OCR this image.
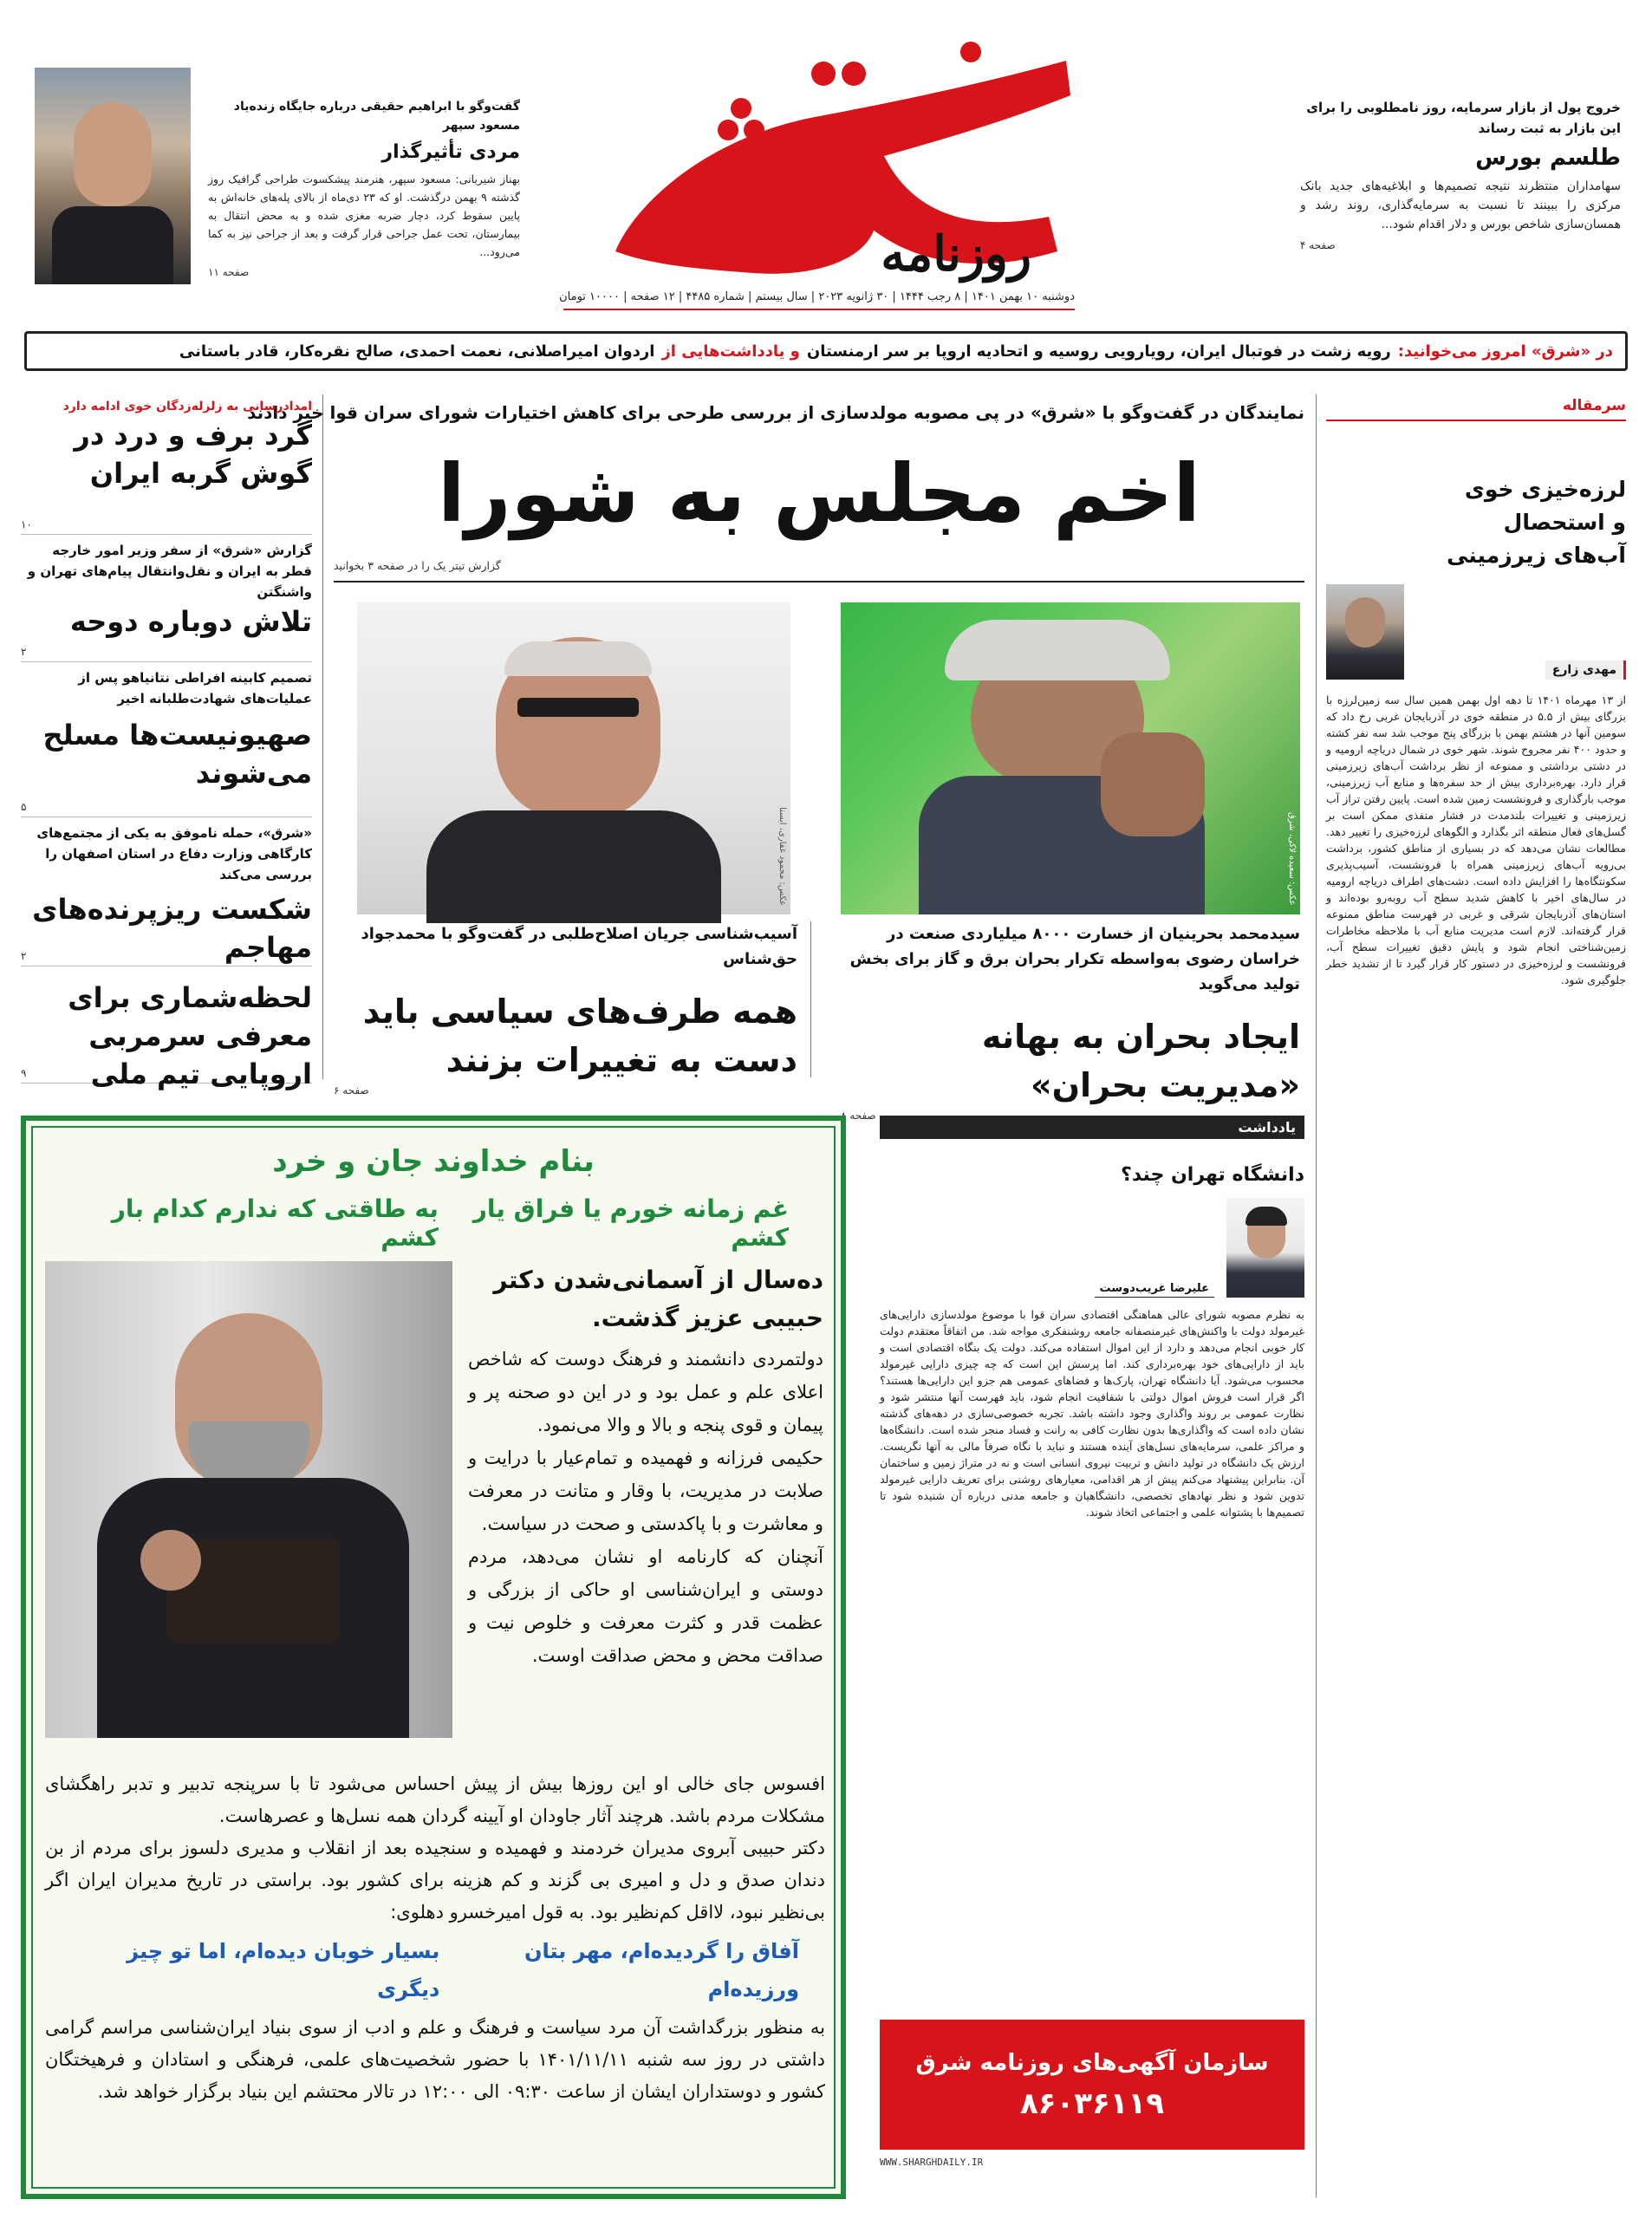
روزنامه
دوشنبه ۱۰ بهمن ۱۴۰۱ | ۸ رجب ۱۴۴۴ | ۳۰ ژانویه ۲۰۲۳ | سال بیستم | شماره ۴۴۸۵ | ۱۲ صفحه | ۱۰۰۰۰ تومان
خروج پول از بازار سرمایه، روز نامطلوبی را برای این بازار به ثبت رساند
طلسم بورس
سهامداران منتظرند نتیجه تصمیم‌ها و ابلاغیه‌های جدید بانک مرکزی را ببینند تا نسبت به سرمایه‌گذاری، روند رشد و همسان‌سازی شاخص بورس و دلار اقدام شود...
صفحه ۴
گفت‌وگو با ابراهیم حقیقی درباره جایگاه زنده‌یاد مسعود سپهر
مردی تأثیرگذار
بهناز شیربانی: مسعود سپهر، هنرمند پیشکسوت طراحی گرافیک روز گذشته ۹ بهمن درگذشت. او که ۲۳ دی‌ماه از بالای پله‌های خانه‌اش به پایین سقوط کرد، دچار ضربه مغزی شده و به محض انتقال به بیمارستان، تحت عمل جراحی قرار گرفت و بعد از جراحی نیز به کما می‌رود...
صفحه ۱۱
در «شرق» امروز می‌خوانید:
رویه زشت در فوتبال ایران، رویارویی روسیه و اتحادیه اروپا بر سر ارمنستان
و یادداشت‌هایی از
اردوان امیراصلانی، نعمت احمدی، صالح نقره‌کار، قادر باستانی
سرمقاله
لرزه‌خیزی خوی و استحصال آب‌های زیرزمینی
مهدی زارع
از ۱۳ مهرماه ۱۴۰۱ تا دهه اول بهمن همین سال سه زمین‌لرزه با بزرگای بیش از ۵.۵ در منطقه خوی در آذربایجان غربی رخ داد که سومین آنها در هشتم بهمن با بزرگای پنج موجب شد سه نفر کشته و حدود ۴۰۰ نفر مجروح شوند. شهر خوی در شمال دریاچه ارومیه و در دشتی برداشتی و ممنوعه از نظر برداشت آب‌های زیرزمینی قرار دارد. بهره‌برداری بیش از حد سفره‌ها و منابع آب زیرزمینی، موجب بارگذاری و فرونشست زمین شده است. پایین رفتن تراز آب زیرزمینی و تغییرات بلندمدت در فشار منفذی ممکن است بر گسل‌های فعال منطقه اثر بگذارد و الگوهای لرزه‌خیزی را تغییر دهد. مطالعات نشان می‌دهد که در بسیاری از مناطق کشور، برداشت بی‌رویه آب‌های زیرزمینی همراه با فرونشست، آسیب‌پذیری سکونتگاه‌ها را افزایش داده است. دشت‌های اطراف دریاچه ارومیه در سال‌های اخیر با کاهش شدید سطح آب روبه‌رو بوده‌اند و استان‌های آذربایجان شرقی و غربی در فهرست مناطق ممنوعه قرار گرفته‌اند. لازم است مدیریت منابع آب با ملاحظه مخاطرات زمین‌شناختی انجام شود و پایش دقیق تغییرات سطح آب، فرونشست و لرزه‌خیزی در دستور کار قرار گیرد تا از تشدید خطر جلوگیری شود.
نمایندگان در گفت‌وگو با «شرق» در پی مصوبه مولدسازی از بررسی طرحی برای کاهش اختیارات شورای سران قوا خبر دادند
اخم مجلس به شورا
گزارش تیتر یک را در صفحه ۳ بخوانید
عکس: سعیده لاکی، شرق
عکس: محمود غفاری، ایسنا
سیدمحمد بحرینیان از خسارت ۸۰۰۰ میلیاردی صنعت در خراسان رضوی به‌واسطه تکرار بحران برق و گاز برای بخش تولید می‌گوید
ایجاد بحران به بهانه «مدیریت بحران»
صفحه
آسیب‌شناسی جریان اصلاح‌طلبی در گفت‌وگو با محمدجواد حق‌شناس
همه طرف‌های سیاسی باید دست به تغییرات بزنند
صفحه ۶
امدادرسانی به زلزله‌زدگان خوی ادامه دارد
گرد برف و درد در گوش گربه ایران
۱۰
گزارش «شرق» از سفر وزیر امور خارجه قطر به ایران و نقل‌وانتقال پیام‌های تهران و واشنگتن
تلاش دوباره دوحه
۲
تصمیم کابینه افراطی نتانیاهو پس از عملیات‌های شهادت‌طلبانه اخیر
صهیونیست‌ها مسلح می‌شوند
۵
«شرق»، حمله ناموفق به یکی از مجتمع‌های کارگاهی وزارت دفاع در استان اصفهان را بررسی می‌کند
شکست ریزپرنده‌های مهاجم
۲
لحظه‌شماری برای معرفی سرمربی اروپایی تیم ملی
۹
یادداشت
دانشگاه تهران چند؟
علیرضا غریب‌دوست
به نظرم مصوبه شورای عالی هماهنگی اقتصادی سران قوا با موضوع مولدسازی دارایی‌های غیرمولد دولت با واکنش‌های غیرمنصفانه جامعه روشنفکری مواجه شد. من اتفاقاً معتقدم دولت کار خوبی انجام می‌دهد و دارد از این اموال استفاده می‌کند. دولت یک بنگاه اقتصادی است و باید از دارایی‌های خود بهره‌برداری کند. اما پرسش این است که چه چیزی دارایی غیرمولد محسوب می‌شود. آیا دانشگاه تهران، پارک‌ها و فضاهای عمومی هم جزو این دارایی‌ها هستند؟ اگر قرار است فروش اموال دولتی با شفافیت انجام شود، باید فهرست آنها منتشر شود و نظارت عمومی بر روند واگذاری وجود داشته باشد. تجربه خصوصی‌سازی در دهه‌های گذشته نشان داده است که واگذاری‌ها بدون نظارت کافی به رانت و فساد منجر شده است. دانشگاه‌ها و مراکز علمی، سرمایه‌های نسل‌های آینده هستند و نباید با نگاه صرفاً مالی به آنها نگریست. ارزش یک دانشگاه در تولید دانش و تربیت نیروی انسانی است و نه در متراژ زمین و ساختمان آن. بنابراین پیشنهاد می‌کنم پیش از هر اقدامی، معیارهای روشنی برای تعریف دارایی غیرمولد تدوین شود و نظر نهادهای تخصصی، دانشگاهیان و جامعه مدنی درباره آن شنیده شود تا تصمیم‌ها با پشتوانه علمی و اجتماعی اتخاذ شوند.
سازمان آگهی‌های روزنامه شرق
۸۶۰۳۶۱۱۹
WWW.SHARGHDAILY.IR
بنام خداوند جان و خرد
غم زمانه خورم یا فراق یار کشم
به طاقتی که ندارم کدام بار کشم
ده‌سال از آسمانی‌شدن دکتر حبیبی عزیز گذشت.
دولتمردی دانشمند و فرهنگ دوست که شاخص اعلای علم و عمل بود و در این دو صحنه پر و پیمان و قوی پنجه و بالا و والا می‌نمود.
حکیمی فرزانه و فهمیده و تمام‌عیار با درایت و صلابت در مدیریت، با وقار و متانت در معرفت و معاشرت و با پاکدستی و صحت در سیاست.
آنچنان که کارنامه او نشان می‌دهد، مردم دوستی و ایران‌شناسی او حاکی از بزرگی و عظمت قدر و کثرت معرفت و خلوص نیت و صداقت محض و محض صداقت اوست.
افسوس جای خالی او این روزها بیش از پیش احساس می‌شود تا با سرپنجه تدبیر و تدبر راهگشای مشکلات مردم باشد. هرچند آثار جاودان او آیینه گردان همه نسل‌ها و عصرهاست.
دکتر حبیبی آبروی مدیران خردمند و فهمیده و سنجیده بعد از انقلاب و مدیری دلسوز برای مردم از بن دندان صدق و دل و امیری بی گزند و کم هزینه برای کشور بود. براستی در تاریخ مدیران ایران اگر بی‌نظیر نبود، لااقل کم‌نظیر بود. به قول امیرخسرو دهلوی:
آفاق را گردیده‌ام، مهر بتان ورزیده‌ام
بسیار خوبان دیده‌ام، اما تو چیز دیگری
به منظور بزرگداشت آن مرد سیاست و فرهنگ و علم و ادب از سوی بنیاد ایران‌شناسی مراسم گرامی داشتی در روز سه شنبه ۱۴۰۱/۱۱/۱۱ با حضور شخصیت‌های علمی، فرهنگی و استادان و فرهیختگان کشور و دوستداران ایشان از ساعت ۰۹:۳۰ الی ۱۲:۰۰ در تالار محتشم این بنیاد برگزار خواهد شد.
